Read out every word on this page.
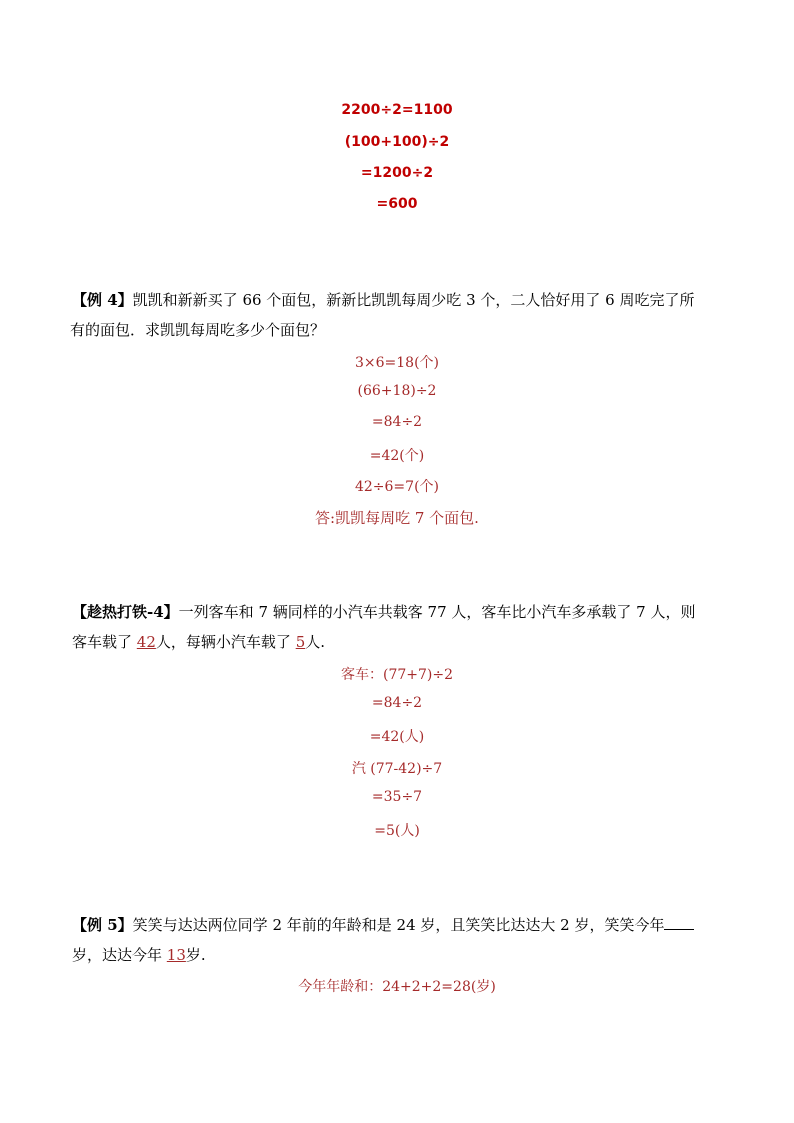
2200÷2=1100
(100+100)÷2
=1200÷2
=600
【例 4】凯凯和新新买了 66 个面包，新新比凯凯每周少吃 3 个，二人恰好用了 6 周吃完了所
有的面包．求凯凯每周吃多少个面包？
3×6=18(个)
(66+18)÷2
=84÷2
=42(个)
42÷6=7(个)
答:凯凯每周吃 7 个面包.
【趁热打铁-4】一列客车和 7 辆同样的小汽车共载客 77 人，客车比小汽车多承载了 7 人，则
客车载了 42人，每辆小汽车载了 5人.
客车：(77+7)÷2
=84÷2
=42(人)
汽 (77-42)÷7
=35÷7
=5(人)
【例 5】笑笑与达达两位同学 2 年前的年龄和是 24 岁，且笑笑比达达大 2 岁，笑笑今年
岁，达达今年 13岁.
今年年龄和：24+2+2=28(岁)
